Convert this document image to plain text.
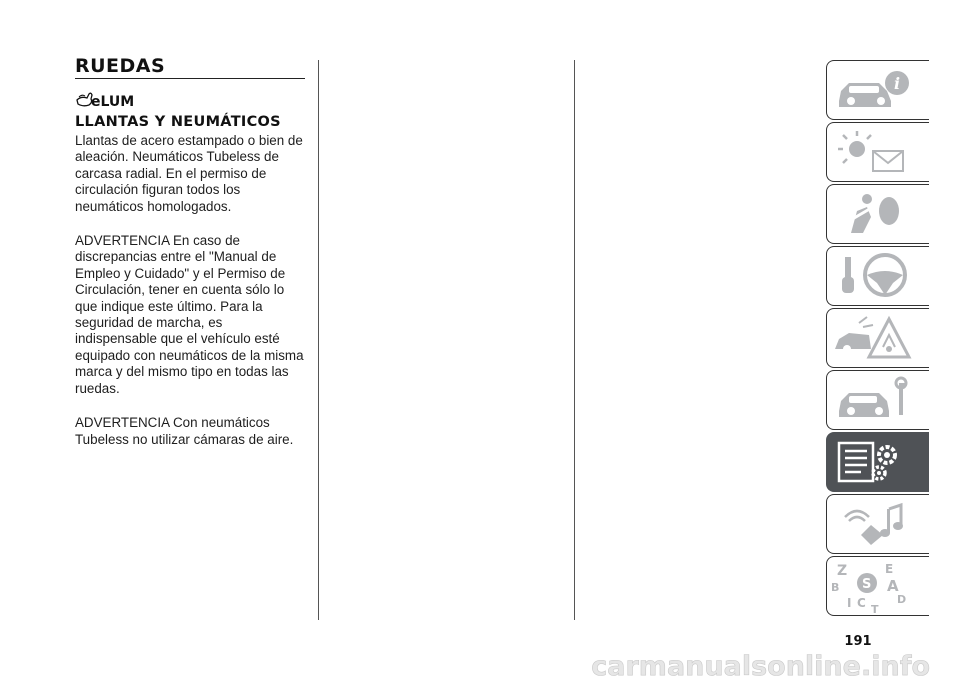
RUEDAS
eLUM
LLANTAS Y NEUMÁTICOS

Llantas de acero estampado o bien de aleación. Neumáticos Tubeless de carcasa radial. En el permiso de circulación figuran todos los neumáticos homologados.

ADVERTENCIA En caso de discrepancias entre el "Manual de Empleo y Cuidado" y el Permiso de Circulación, tener en cuenta sólo lo que indique este último. Para la seguridad de marcha, es indispensable que el vehículo esté equipado con neumáticos de la misma marca y del mismo tipo en todas las ruedas.

ADVERTENCIA Con neumáticos Tubeless no utilizar cámaras de aire.

i
Z
B
I C T
E
A
D
S
191
carmanualsonline.info
